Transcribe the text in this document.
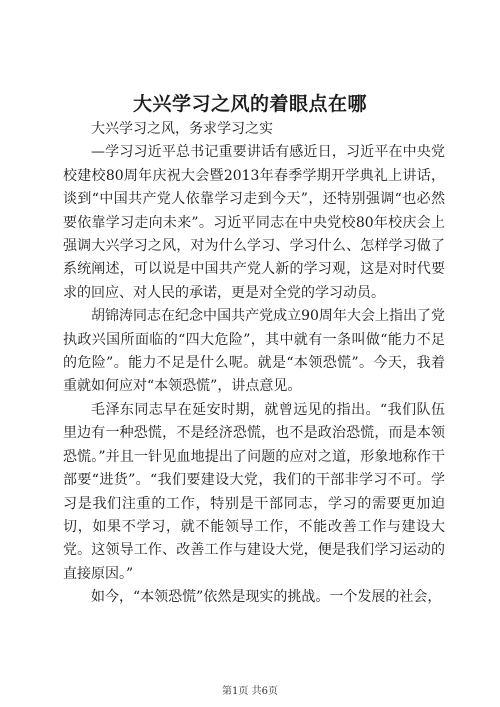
大兴学习之风的着眼点在哪

大兴学习之风，务求学习之实

—学习习近平总书记重要讲话有感近日，习近平在中央党校建校80周年庆祝大会暨2013年春季学期开学典礼上讲话，谈到“中国共产党人依靠学习走到今天”，还特别强调“也必然要依靠学习走向未来”。习近平同志在中央党校80年校庆会上强调大兴学习之风，对为什么学习、学习什么、怎样学习做了系统阐述，可以说是中国共产党人新的学习观，这是对时代要求的回应、对人民的承诺，更是对全党的学习动员。

胡锦涛同志在纪念中国共产党成立90周年大会上指出了党执政兴国所面临的“四大危险”，其中就有一条叫做“能力不足的危险”。能力不足是什么呢。就是“本领恐慌”。今天，我着重就如何应对“本领恐慌”，讲点意见。

毛泽东同志早在延安时期，就曾远见的指出。“我们队伍里边有一种恐慌，不是经济恐慌，也不是政治恐慌，而是本领恐慌。”并且一针见血地提出了问题的应对之道，形象地称作干部要“进货”。“我们要建设大党，我们的干部非学习不可。学习是我们注重的工作，特别是干部同志，学习的需要更加迫切，如果不学习，就不能领导工作，不能改善工作与建设大党。这领导工作、改善工作与建设大党，便是我们学习运动的直接原因。”

如今，“本领恐慌”依然是现实的挑战。一个发展的社会，

第1页 共6页
